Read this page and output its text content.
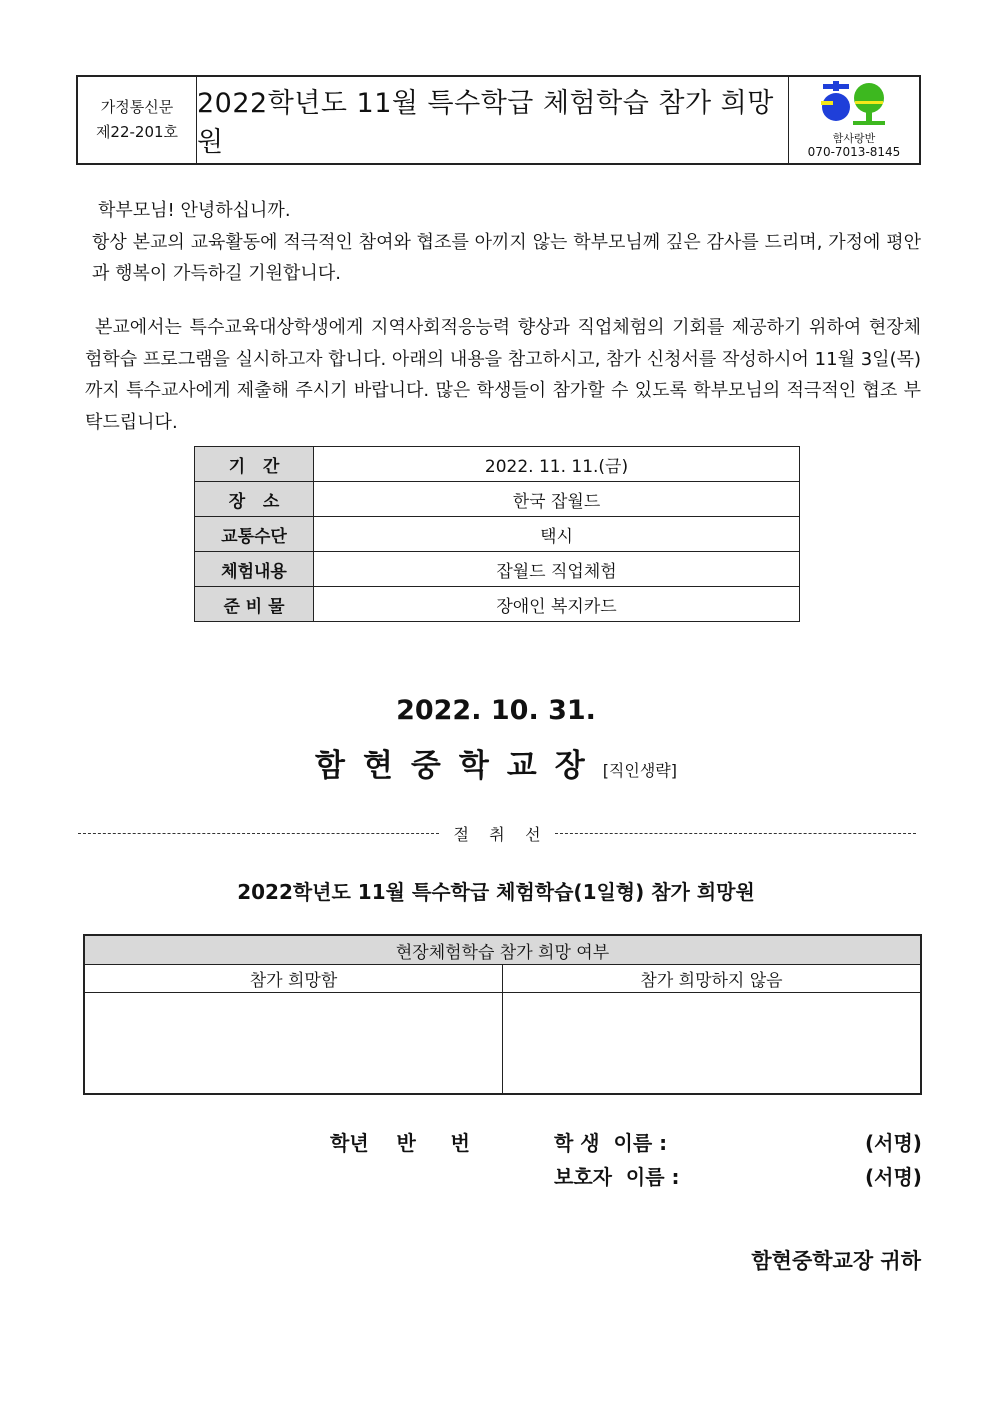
가정통신문
제22-201호
2022학년도 11월 특수학급 체험학습 참가 희망원	함사랑반
070-7013-8145

학부모님! 안녕하십니까.

항상 본교의 교육활동에 적극적인 참여와 협조를 아끼지 않는 학부모님께 깊은 감사를 드리며, 가정에 평안과 행복이 가득하길 기원합니다.

본교에서는 특수교육대상학생에게 지역사회적응능력 향상과 직업체험의 기회를 제공하기 위하여 현장체험학습 프로그램을 실시하고자 합니다. 아래의 내용을 참고하시고, 참가 신청서를 작성하시어 11월 3일(목)까지 특수교사에게 제출해 주시기 바랍니다. 많은 학생들이 참가할 수 있도록 학부모님의 적극적인 협조 부탁드립니다.

기   간	2022. 11. 11.(금)
장   소	한국 잡월드
교통수단	택시
체험내용	잡월드 직업체험
준 비 물	장애인 복지카드
2022. 10. 31.
함현중학교장[직인생략]
절    취    선
2022학년도 11월 특수학급 체험학습(1일형) 참가 희망원
현장체험학습 참가 희망 여부	
참가 희망함	참가 희망하지 않음

학년    반     번	학 생  이름 :	(서명)
보호자  이름 :	(서명)
함현중학교장 귀하
